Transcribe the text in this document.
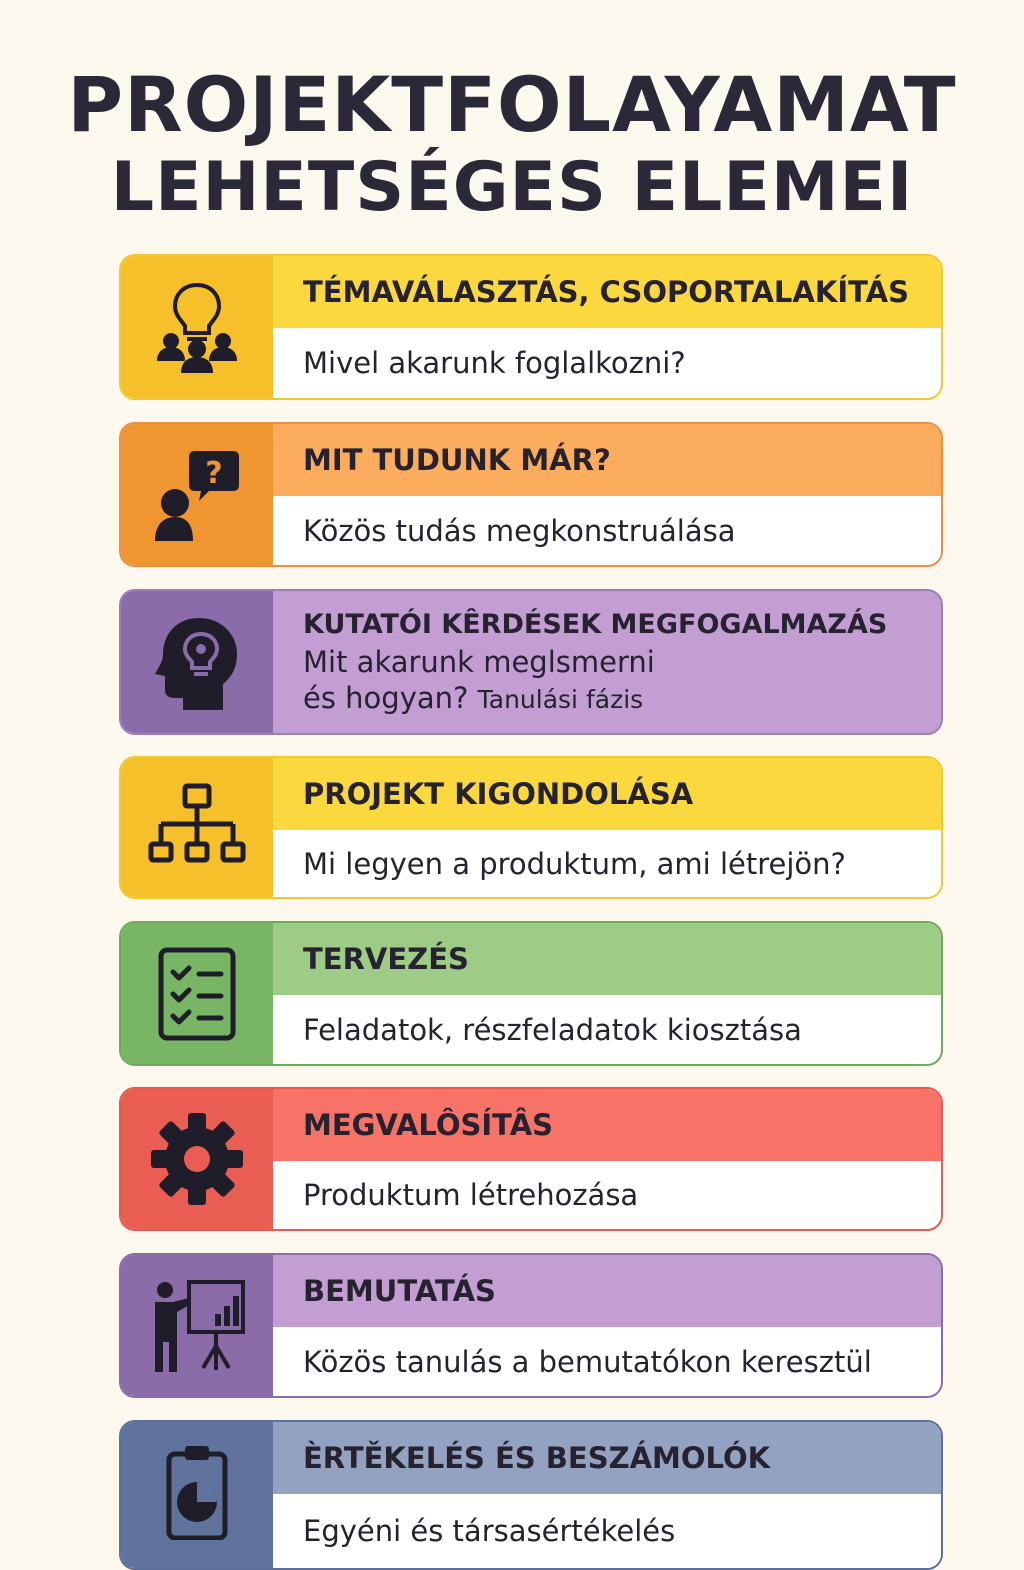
PROJEKTFOLAYAMAT
LEHETSÉGES ELEMEI
TÉMAVÁLASZTÁS, CSOPORTALAKÍTÁS
Mivel akarunk foglalkozni?
?	MIT TUDUNK MÁR?
Közös tudás megkonstruálása
KUTATÓI KÊRDÉSEK MEGFOGALMAZÁS
Mit akarunk meglsmerni
és hogyan? Tanulási fázis
PROJEKT KIGONDOLÁSA
Mi legyen a produktum, ami létrejön?
TERVEZÉS
Feladatok, részfeladatok kiosztása
MEGVALÔSÍTÂS
Produktum létrehozása
BEMUTATÁS
Közös tanulás a bemutatókon keresztül
ÈRTĚKELÉS ÉS BESZÁMOLÓK
Egyéni és társasértékelés
